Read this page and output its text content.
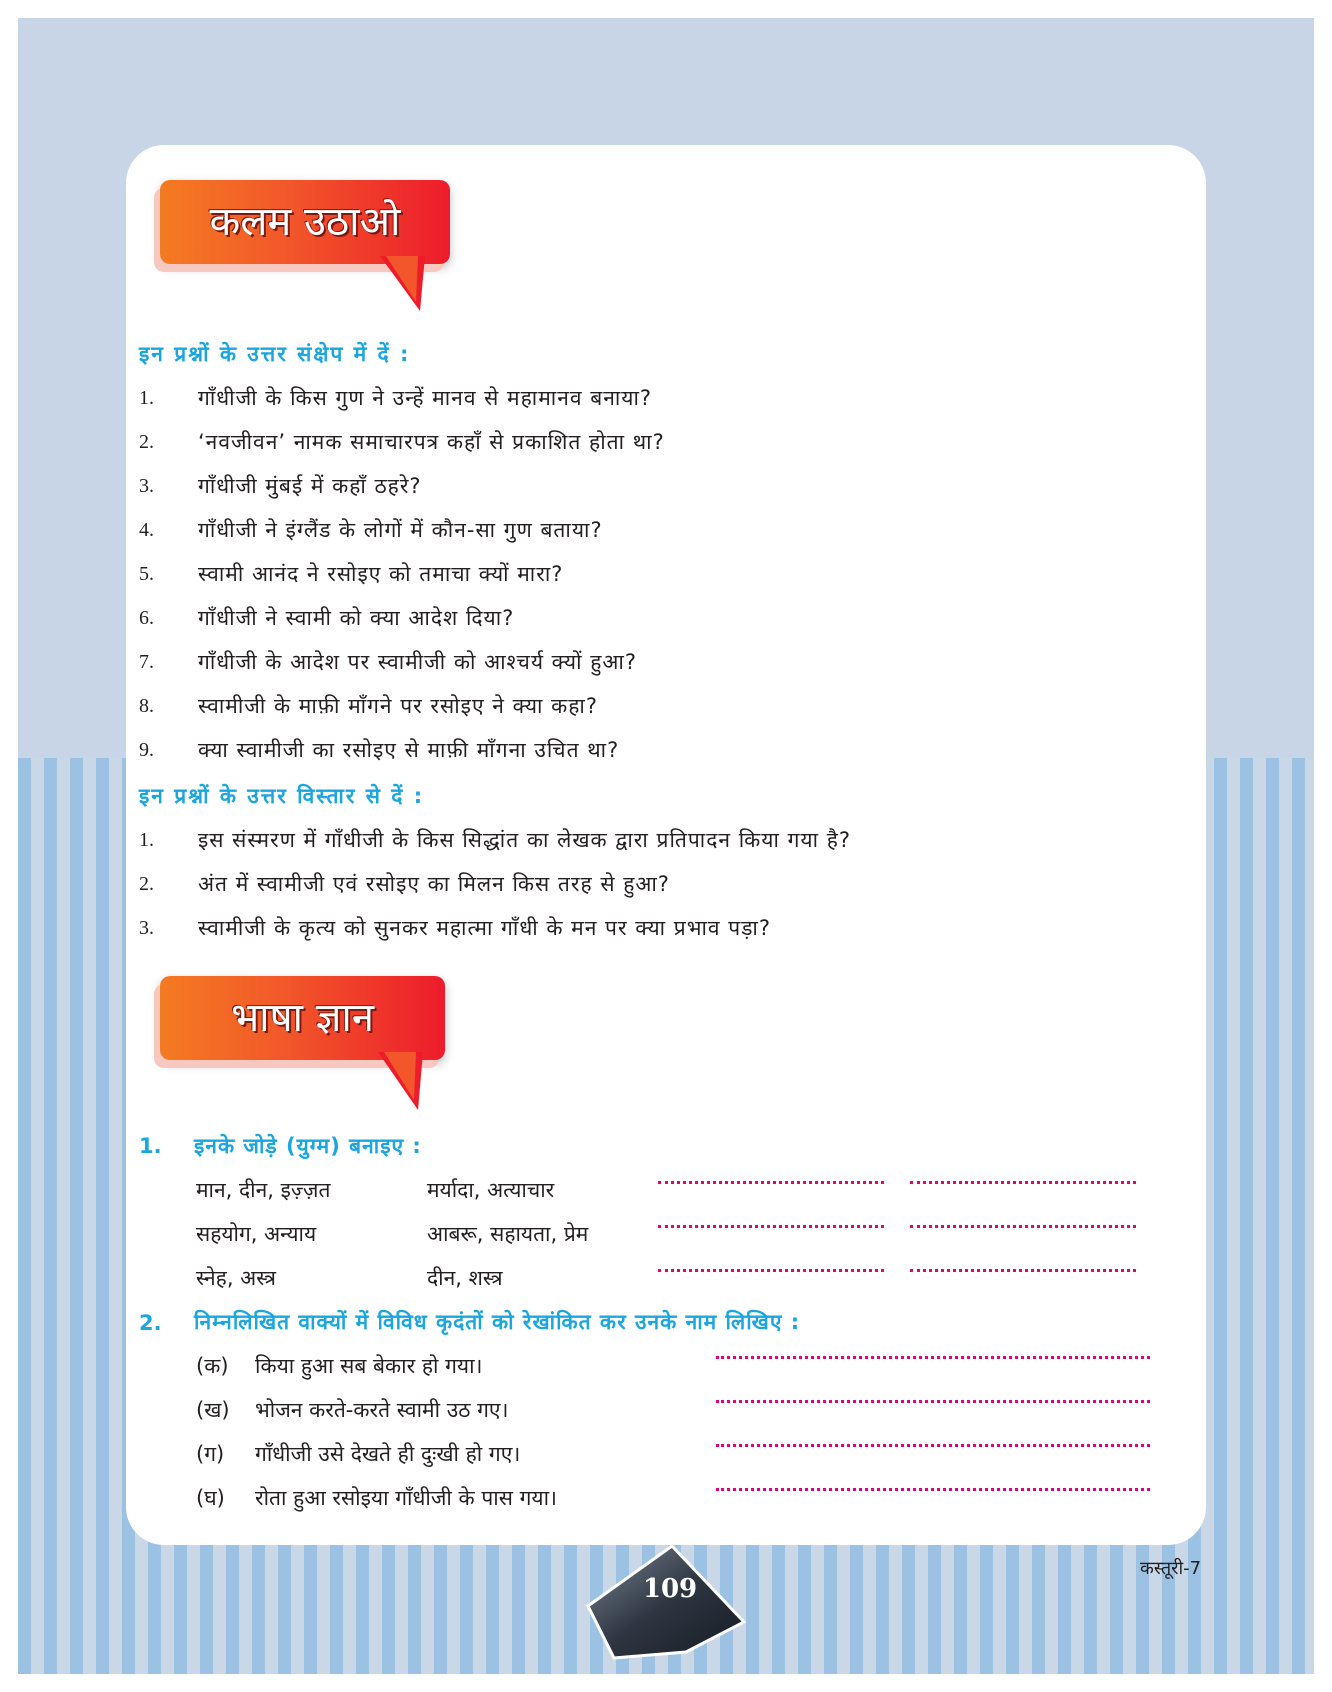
कलम उठाओ
इन प्रश्नों के उत्तर संक्षेप में दें :
1. गाँधीजी के किस गुण ने उन्हें मानव से महामानव बनाया?
2. ‘नवजीवन’ नामक समाचारपत्र कहाँ से प्रकाशित होता था?
3. गाँधीजी मुंबई में कहाँ ठहरे?
4. गाँधीजी ने इंग्लैंड के लोगों में कौन-सा गुण बताया?
5. स्वामी आनंद ने रसोइए को तमाचा क्यों मारा?
6. गाँधीजी ने स्वामी को क्या आदेश दिया?
7. गाँधीजी के आदेश पर स्वामीजी को आश्चर्य क्यों हुआ?
8. स्वामीजी के माफ़ी माँगने पर रसोइए ने क्या कहा?
9. क्या स्वामीजी का रसोइए से माफ़ी माँगना उचित था?
इन प्रश्नों के उत्तर विस्तार से दें :
1. इस संस्मरण में गाँधीजी के किस सिद्धांत का लेखक द्वारा प्रतिपादन किया गया है?
2. अंत में स्वामीजी एवं रसोइए का मिलन किस तरह से हुआ?
3. स्वामीजी के कृत्य को सुनकर महात्मा गाँधी के मन पर क्या प्रभाव पड़ा?
भाषा ज्ञान
1. इनके जोड़े (युग्म) बनाइए :
मान, दीन, इज़्ज़त	मर्यादा, अत्याचार
सहयोग, अन्याय	आबरू, सहायता, प्रेम
स्नेह, अस्त्र	दीन, शस्त्र
2. निम्नलिखित वाक्यों में विविध कृदंतों को रेखांकित कर उनके नाम लिखिए :
(क) किया हुआ सब बेकार हो गया।
(ख) भोजन करते-करते स्वामी उठ गए।
(ग) गाँधीजी उसे देखते ही दुःखी हो गए।
(घ) रोता हुआ रसोइया गाँधीजी के पास गया।
109
कस्तूरी-7
